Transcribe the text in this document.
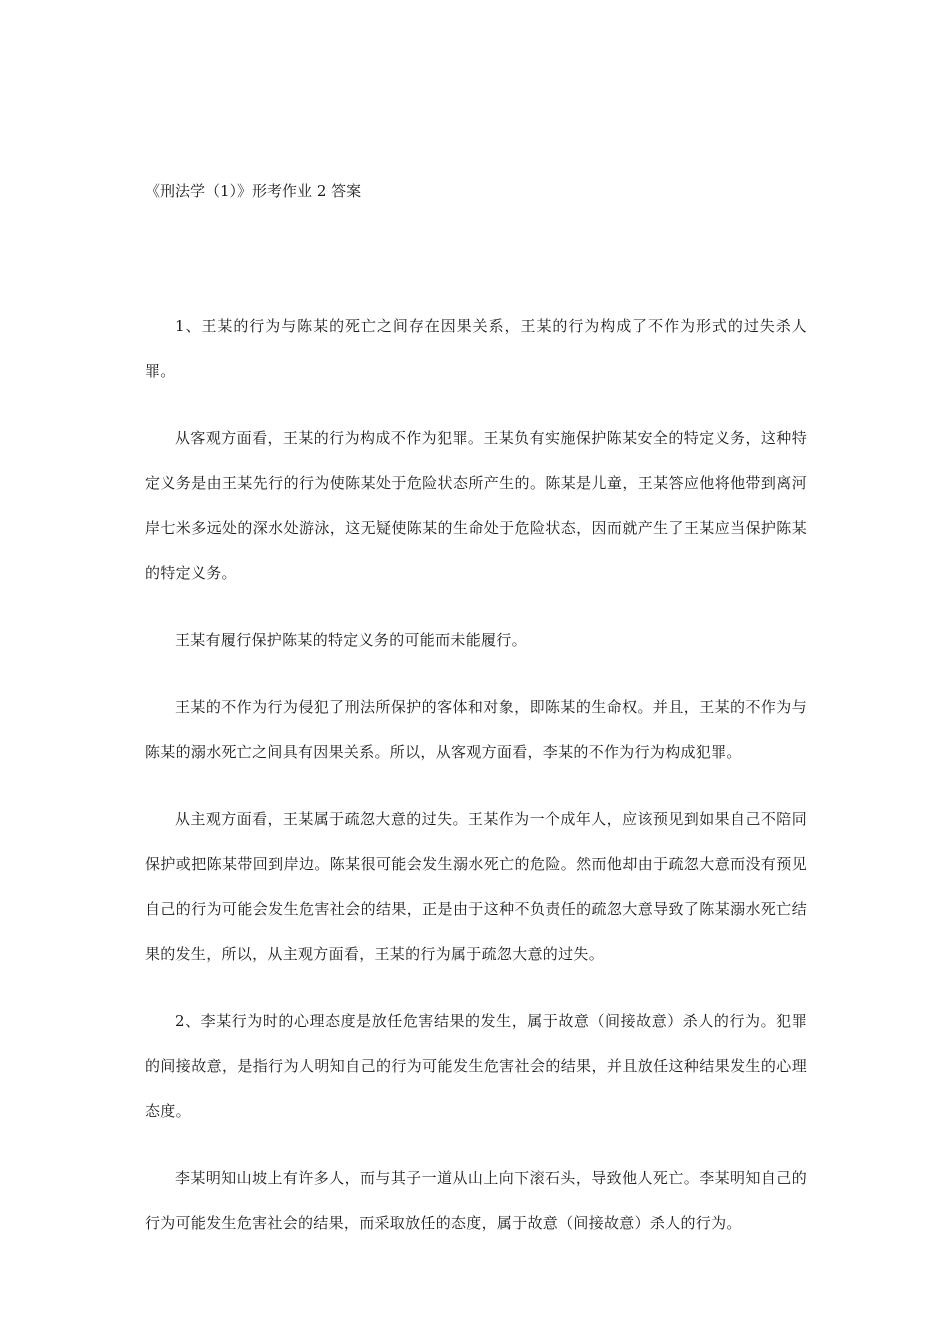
《刑法学（1）》形考作业 2 答案

1、王某的行为与陈某的死亡之间存在因果关系，王某的行为构成了不作为形式的过失杀人罪。

从客观方面看，王某的行为构成不作为犯罪。王某负有实施保护陈某安全的特定义务，这种特定义务是由王某先行的行为使陈某处于危险状态所产生的。陈某是儿童，王某答应他将他带到离河岸七米多远处的深水处游泳，这无疑使陈某的生命处于危险状态，因而就产生了王某应当保护陈某的特定义务。

王某有履行保护陈某的特定义务的可能而未能履行。

王某的不作为行为侵犯了刑法所保护的客体和对象，即陈某的生命权。并且，王某的不作为与陈某的溺水死亡之间具有因果关系。所以，从客观方面看，李某的不作为行为构成犯罪。

从主观方面看，王某属于疏忽大意的过失。王某作为一个成年人，应该预见到如果自己不陪同保护或把陈某带回到岸边。陈某很可能会发生溺水死亡的危险。然而他却由于疏忽大意而没有预见自己的行为可能会发生危害社会的结果，正是由于这种不负责任的疏忽大意导致了陈某溺水死亡结果的发生，所以，从主观方面看，王某的行为属于疏忽大意的过失。

2、李某行为时的心理态度是放任危害结果的发生，属于故意（间接故意）杀人的行为。犯罪的间接故意，是指行为人明知自己的行为可能发生危害社会的结果，并且放任这种结果发生的心理态度。

李某明知山坡上有许多人，而与其子一道从山上向下滚石头，导致他人死亡。李某明知自己的行为可能发生危害社会的结果，而采取放任的态度，属于故意（间接故意）杀人的行为。
